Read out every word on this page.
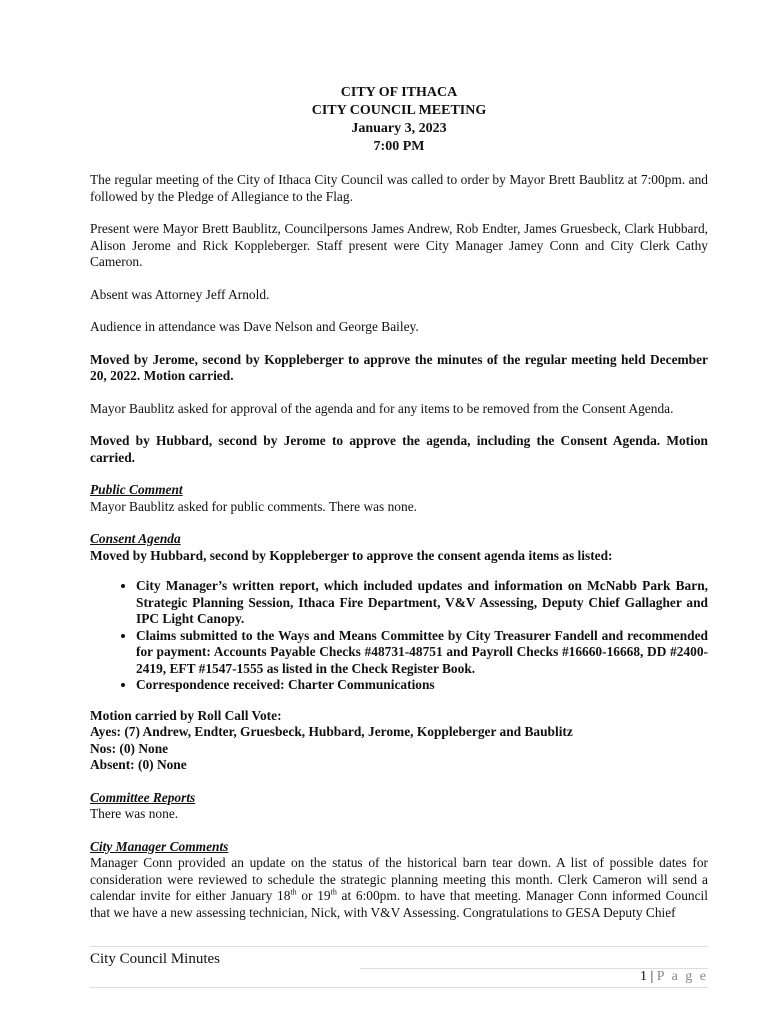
CITY OF ITHACA
CITY COUNCIL MEETING
January 3, 2023
7:00 PM

The regular meeting of the City of Ithaca City Council was called to order by Mayor Brett Baublitz at 7:00pm. and followed by the Pledge of Allegiance to the Flag.

Present were Mayor Brett Baublitz, Councilpersons James Andrew, Rob Endter, James Gruesbeck, Clark Hubbard, Alison Jerome and Rick Koppleberger. Staff present were City Manager Jamey Conn and City Clerk Cathy Cameron.

Absent was Attorney Jeff Arnold.

Audience in attendance was Dave Nelson and George Bailey.

Moved by Jerome, second by Koppleberger to approve the minutes of the regular meeting held December 20, 2022. Motion carried.

Mayor Baublitz asked for approval of the agenda and for any items to be removed from the Consent Agenda.

Moved by Hubbard, second by Jerome to approve the agenda, including the Consent Agenda. Motion carried.

Public Comment
Mayor Baublitz asked for public comments. There was none.

Consent Agenda
Moved by Hubbard, second by Koppleberger to approve the consent agenda items as listed:
• City Manager’s written report, which included updates and information on McNabb Park Barn, Strategic Planning Session, Ithaca Fire Department, V&V Assessing, Deputy Chief Gallagher and IPC Light Canopy.
• Claims submitted to the Ways and Means Committee by City Treasurer Fandell and recommended for payment: Accounts Payable Checks #48731-48751 and Payroll Checks #16660-16668, DD #2400-2419, EFT #1547-1555 as listed in the Check Register Book.
• Correspondence received: Charter Communications

Motion carried by Roll Call Vote:
Ayes: (7) Andrew, Endter, Gruesbeck, Hubbard, Jerome, Koppleberger and Baublitz
Nos: (0) None
Absent: (0) None

Committee Reports
There was none.

City Manager Comments
Manager Conn provided an update on the status of the historical barn tear down. A list of possible dates for consideration were reviewed to schedule the strategic planning meeting this month. Clerk Cameron will send a calendar invite for either January 18th or 19th at 6:00pm. to have that meeting. Manager Conn informed Council that we have a new assessing technician, Nick, with V&V Assessing. Congratulations to GESA Deputy Chief

City Council Minutes
1 | P a g e
